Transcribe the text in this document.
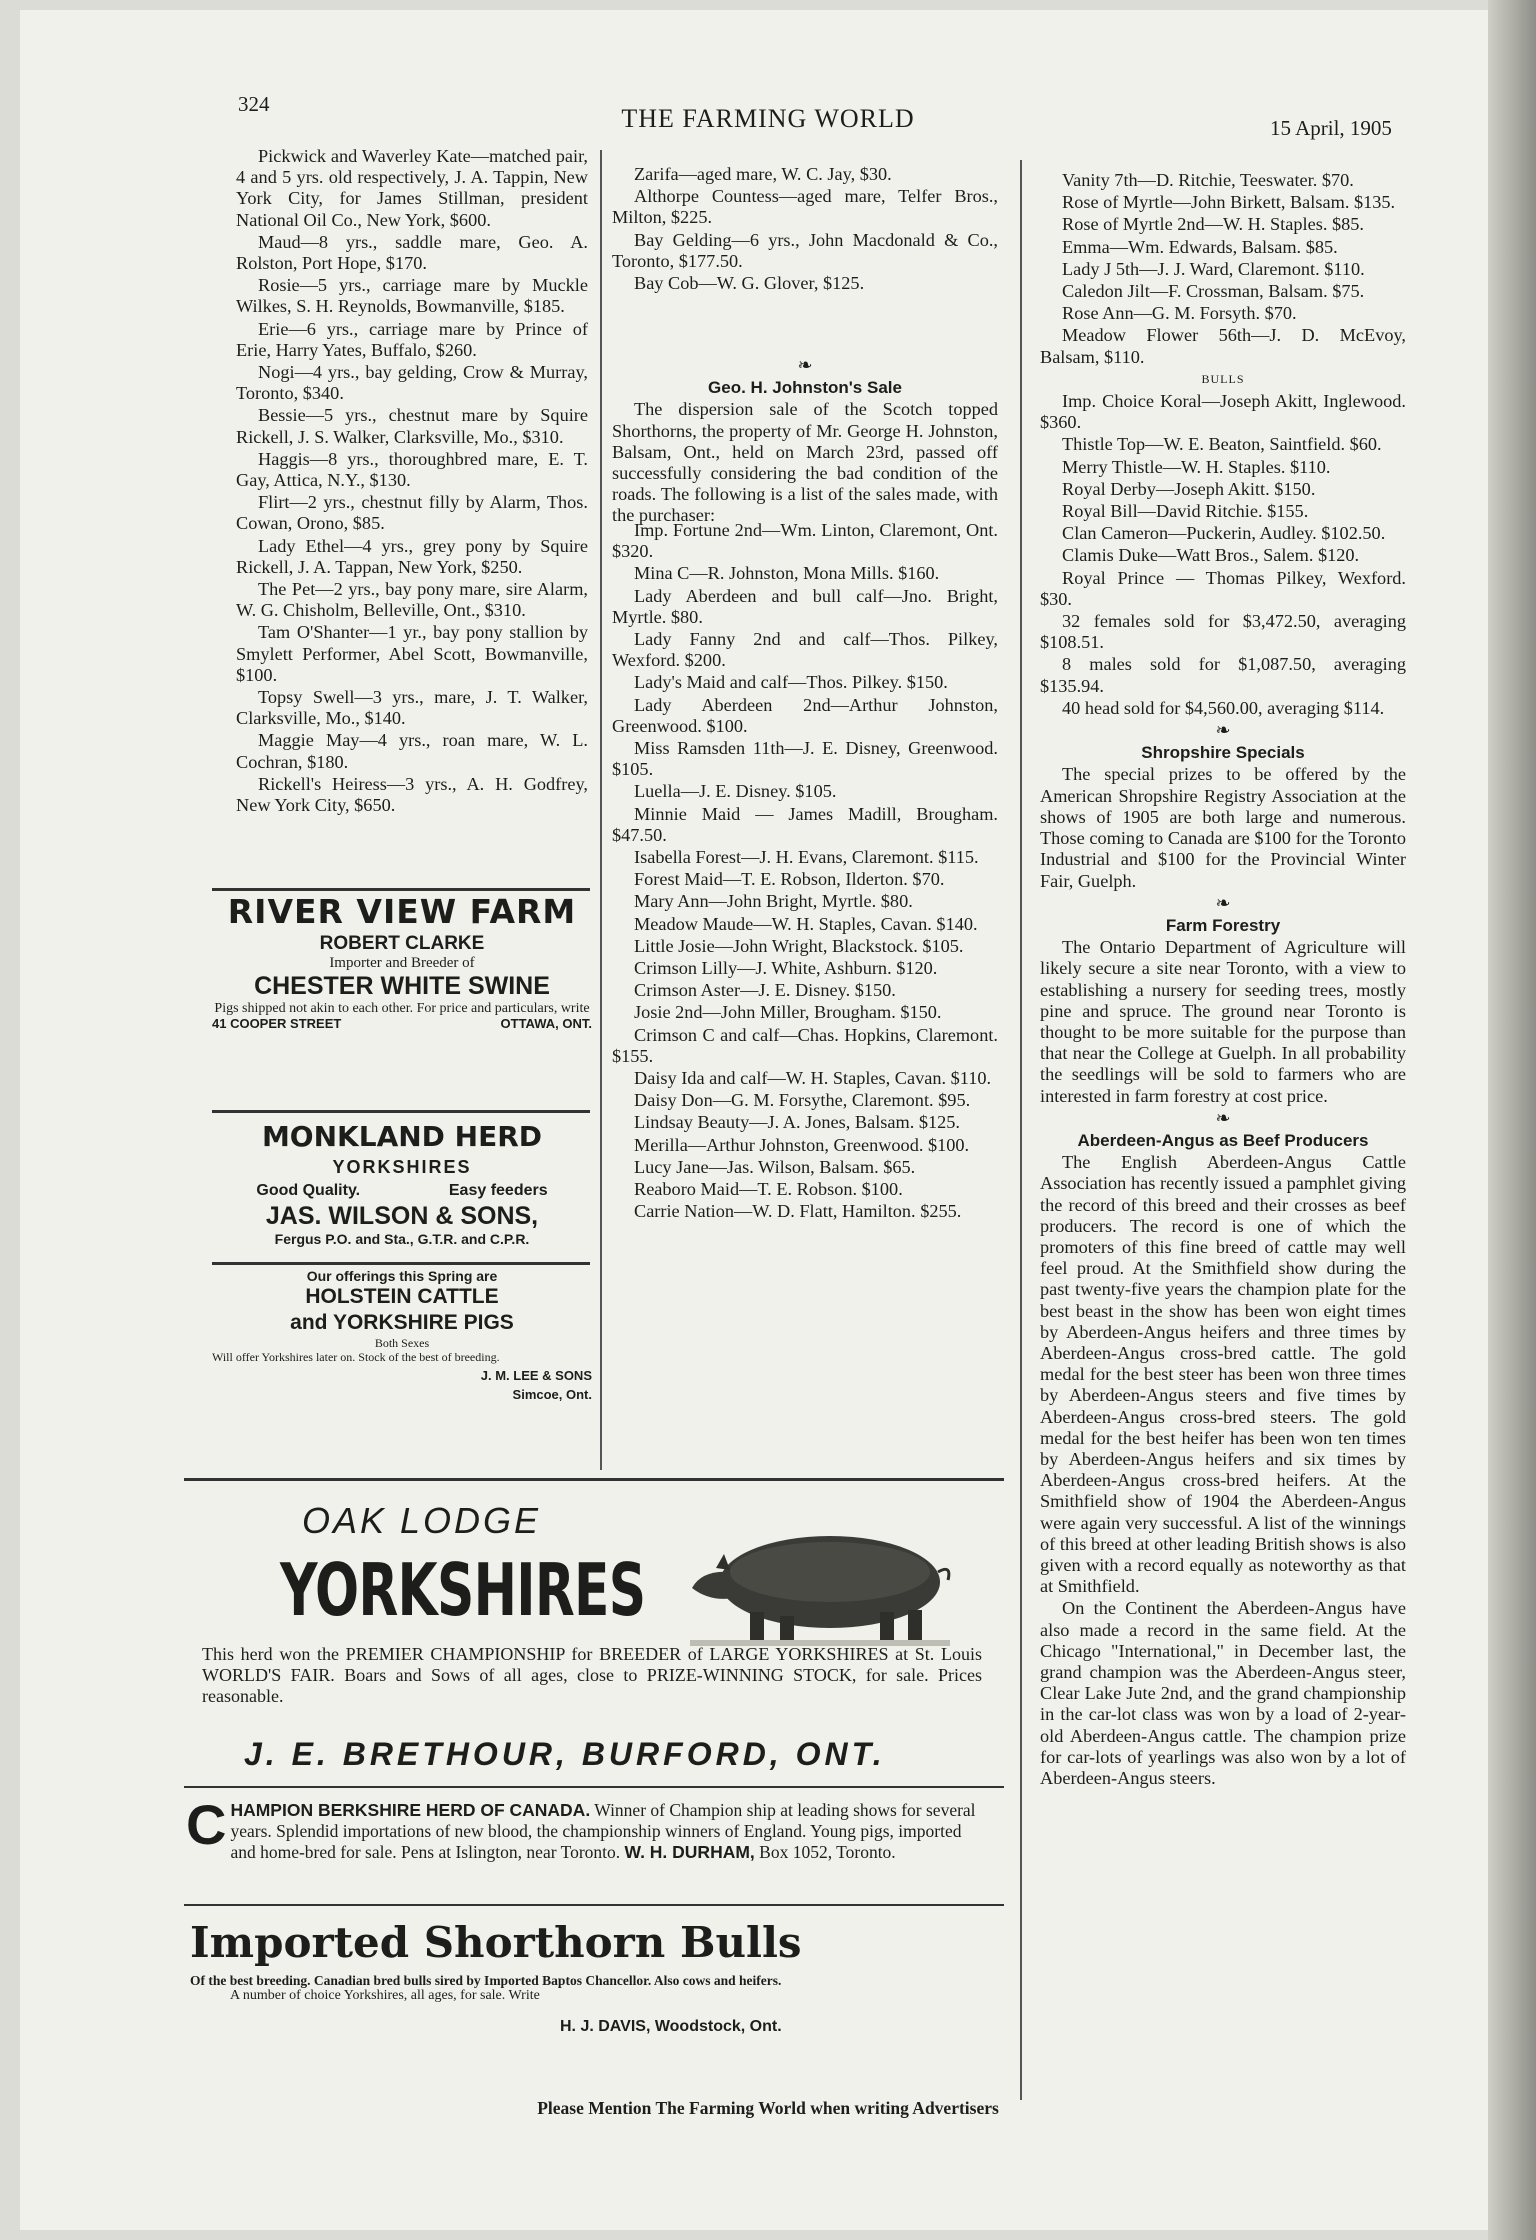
324	THE FARMING WORLD	15 April, 1905

Pickwick and Waverley Kate—matched pair, 4 and 5 yrs. old respectively, J. A. Tappin, New York City, for James Stillman, president National Oil Co., New York, $600.

Maud—8 yrs., saddle mare, Geo. A. Rolston, Port Hope, $170.

Rosie—5 yrs., carriage mare by Muckle Wilkes, S. H. Reynolds, Bowmanville, $185.

Erie—6 yrs., carriage mare by Prince of Erie, Harry Yates, Buffalo, $260.

Nogi—4 yrs., bay gelding, Crow & Murray, Toronto, $340.

Bessie—5 yrs., chestnut mare by Squire Rickell, J. S. Walker, Clarksville, Mo., $310.

Haggis—8 yrs., thoroughbred mare, E. T. Gay, Attica, N.Y., $130.

Flirt—2 yrs., chestnut filly by Alarm, Thos. Cowan, Orono, $85.

Lady Ethel—4 yrs., grey pony by Squire Rickell, J. A. Tappan, New York, $250.

The Pet—2 yrs., bay pony mare, sire Alarm, W. G. Chisholm, Belleville, Ont., $310.

Tam O'Shanter—1 yr., bay pony stallion by Smylett Performer, Abel Scott, Bowmanville, $100.

Topsy Swell—3 yrs., mare, J. T. Walker, Clarksville, Mo., $140.

Maggie May—4 yrs., roan mare, W. L. Cochran, $180.

Rickell's Heiress—3 yrs., A. H. Godfrey, New York City, $650.

Zarifa—aged mare, W. C. Jay, $30.

Althorpe Countess—aged mare, Telfer Bros., Milton, $225.

Bay Gelding—6 yrs., John Macdonald & Co., Toronto, $177.50.

Bay Cob—W. G. Glover, $125.

❧

Geo. H. Johnston's Sale

The dispersion sale of the Scotch topped Shorthorns, the property of Mr. George H. Johnston, Balsam, Ont., held on March 23rd, passed off successfully considering the bad condition of the roads. The following is a list of the sales made, with the purchaser:

Imp. Fortune 2nd—Wm. Linton, Claremont, Ont. $320.

Mina C—R. Johnston, Mona Mills. $160.

Lady Aberdeen and bull calf—Jno. Bright, Myrtle. $80.

Lady Fanny 2nd and calf—Thos. Pilkey, Wexford. $200.

Lady's Maid and calf—Thos. Pilkey. $150.

Lady Aberdeen 2nd—Arthur Johnston, Greenwood. $100.

Miss Ramsden 11th—J. E. Disney, Greenwood. $105.

Luella—J. E. Disney. $105.

Minnie Maid — James Madill, Brougham. $47.50.

Isabella Forest—J. H. Evans, Claremont. $115.

Forest Maid—T. E. Robson, Ilderton. $70.

Mary Ann—John Bright, Myrtle. $80.

Meadow Maude—W. H. Staples, Cavan. $140.

Little Josie—John Wright, Blackstock. $105.

Crimson Lilly—J. White, Ashburn. $120.

Crimson Aster—J. E. Disney. $150.

Josie 2nd—John Miller, Brougham. $150.

Crimson C and calf—Chas. Hopkins, Claremont. $155.

Daisy Ida and calf—W. H. Staples, Cavan. $110.

Daisy Don—G. M. Forsythe, Claremont. $95.

Lindsay Beauty—J. A. Jones, Balsam. $125.

Merilla—Arthur Johnston, Greenwood. $100.

Lucy Jane—Jas. Wilson, Balsam. $65.

Reaboro Maid—T. E. Robson. $100.

Carrie Nation—W. D. Flatt, Hamilton. $255.

Vanity 7th—D. Ritchie, Teeswater. $70.

Rose of Myrtle—John Birkett, Balsam. $135.

Rose of Myrtle 2nd—W. H. Staples. $85.

Emma—Wm. Edwards, Balsam. $85.

Lady J 5th—J. J. Ward, Claremont. $110.

Caledon Jilt—F. Crossman, Balsam. $75.

Rose Ann—G. M. Forsyth. $70.

Meadow Flower 56th—J. D. McEvoy, Balsam, $110.

BULLS

Imp. Choice Koral—Joseph Akitt, Inglewood. $360.

Thistle Top—W. E. Beaton, Saintfield. $60.

Merry Thistle—W. H. Staples. $110.

Royal Derby—Joseph Akitt. $150.

Royal Bill—David Ritchie. $155.

Clan Cameron—Puckerin, Audley. $102.50.

Clamis Duke—Watt Bros., Salem. $120.

Royal Prince — Thomas Pilkey, Wexford. $30.

32 females sold for $3,472.50, averaging $108.51.

8 males sold for $1,087.50, averaging $135.94.

40 head sold for $4,560.00, averaging $114.

❧

Shropshire Specials

The special prizes to be offered by the American Shropshire Registry Association at the shows of 1905 are both large and numerous. Those coming to Canada are $100 for the Toronto Industrial and $100 for the Provincial Winter Fair, Guelph.

❧

Farm Forestry

The Ontario Department of Agriculture will likely secure a site near Toronto, with a view to establishing a nursery for seeding trees, mostly pine and spruce. The ground near Toronto is thought to be more suitable for the purpose than that near the College at Guelph. In all probability the seedlings will be sold to farmers who are interested in farm forestry at cost price.

❧

Aberdeen-Angus as Beef Producers

The English Aberdeen-Angus Cattle Association has recently issued a pamphlet giving the record of this breed and their crosses as beef producers. The record is one of which the promoters of this fine breed of cattle may well feel proud. At the Smithfield show during the past twenty-five years the champion plate for the best beast in the show has been won eight times by Aberdeen-Angus heifers and three times by Aberdeen-Angus cross-bred cattle. The gold medal for the best steer has been won three times by Aberdeen-Angus steers and five times by Aberdeen-Angus cross-bred steers. The gold medal for the best heifer has been won ten times by Aberdeen-Angus heifers and six times by Aberdeen-Angus cross-bred heifers. At the Smithfield show of 1904 the Aberdeen-Angus were again very successful. A list of the winnings of this breed at other leading British shows is also given with a record equally as noteworthy as that at Smithfield.

On the Continent the Aberdeen-Angus have also made a record in the same field. At the Chicago "International," in December last, the grand champion was the Aberdeen-Angus steer, Clear Lake Jute 2nd, and the grand championship in the car-lot class was won by a load of 2-year-old Aberdeen-Angus cattle. The champion prize for car-lots of yearlings was also won by a lot of Aberdeen-Angus steers.

RIVER VIEW FARM
ROBERT CLARKE
Importer and Breeder of
CHESTER WHITE SWINE
Pigs shipped not akin to each other. For price and particulars, write
41 COOPER STREET	OTTAWA, ONT.
MONKLAND HERD
YORKSHIRES
Good Quality.	Easy feeders
JAS. WILSON & SONS,
Fergus P.O. and Sta., G.T.R. and C.P.R.
Our offerings this Spring are
HOLSTEIN CATTLE
and YORKSHIRE PIGS
Both Sexes
Will offer Yorkshires later on. Stock of the best of breeding.
J. M. LEE & SONS
Simcoe, Ont.
OAK LODGE
YORKSHIRES
This herd won the PREMIER CHAMPIONSHIP for BREEDER of LARGE YORKSHIRES at St. Louis WORLD'S FAIR. Boars and Sows of all ages, close to PRIZE-WINNING STOCK, for sale. Prices reasonable.
J. E. BRETHOUR, BURFORD, ONT.
C HAMPION BERKSHIRE HERD OF CANADA. Winner of Champion ship at leading shows for several years. Splendid importations of new blood, the championship winners of England. Young pigs, imported and home-bred for sale. Pens at Islington, near Toronto. W. H. DURHAM, Box 1052, Toronto.
Imported Shorthorn Bulls
Of the best breeding. Canadian bred bulls sired by Imported Baptos Chancellor. Also cows and heifers.
A number of choice Yorkshires, all ages, for sale. Write
H. J. DAVIS, Woodstock, Ont.
Please Mention The Farming World when writing Advertisers
